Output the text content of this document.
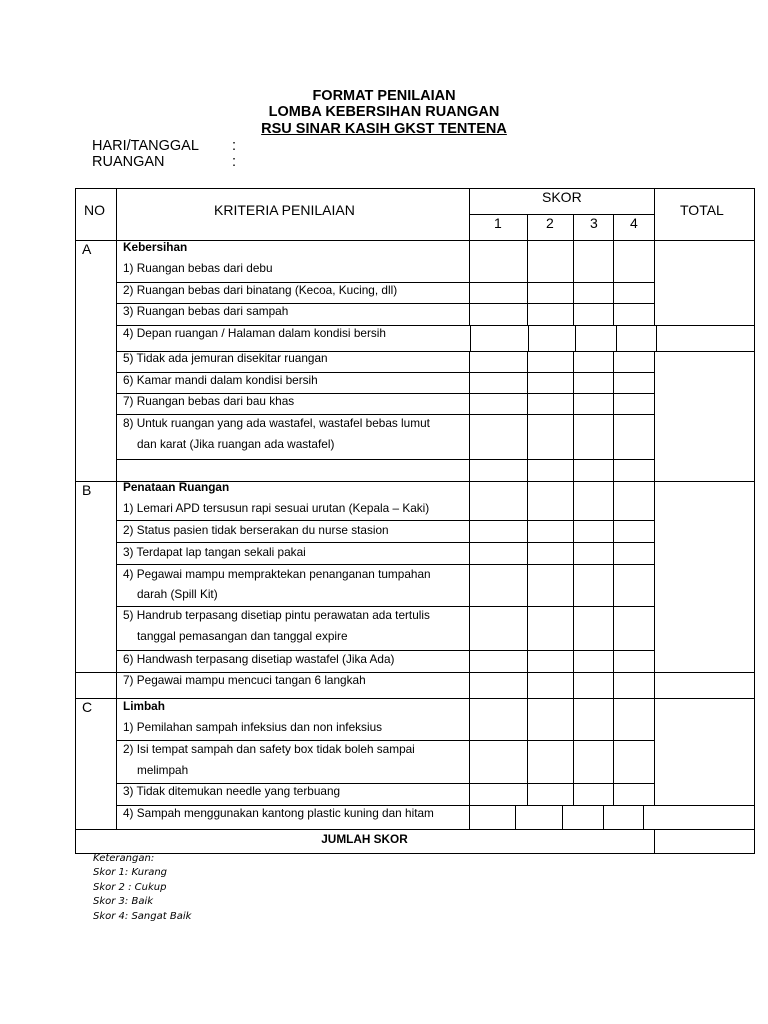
FORMAT PENILAIAN
LOMBA KEBERSIHAN RUANGAN
RSU SINAR KASIH GKST TENTENA
HARI/TANGGAL :
RUANGAN	:
NO	KRITERIA PENILAIAN
SKOR
1	2	3 4
TOTAL
A	Kebersihan
1) Ruangan bebas dari debu
2) Ruangan bebas dari binatang (Kecoa, Kucing, dll)
3) Ruangan bebas dari sampah
4) Depan ruangan / Halaman dalam kondisi bersih
5) Tidak ada jemuran disekitar ruangan
6) Kamar mandi dalam kondisi bersih
7) Ruangan bebas dari bau khas
8) Untuk ruangan yang ada wastafel, wastafel bebas lumut
dan karat (Jika ruangan ada wastafel)
B	Penataan Ruangan
1) Lemari APD tersusun rapi sesuai urutan (Kepala – Kaki)
2) Status pasien tidak berserakan du nurse stasion
3) Terdapat lap tangan sekali pakai
4) Pegawai mampu mempraktekan penanganan tumpahan
darah (Spill Kit)
5) Handrub terpasang disetiap pintu perawatan ada tertulis
tanggal pemasangan dan tanggal expire
6) Handwash terpasang disetiap wastafel (Jika Ada)
7) Pegawai mampu mencuci tangan 6 langkah
C	Limbah
1) Pemilahan sampah infeksius dan non infeksius
2) Isi tempat sampah dan safety box tidak boleh sampai
melimpah
3) Tidak ditemukan needle yang terbuang
4) Sampah menggunakan kantong plastic kuning dan hitam
JUMLAH SKOR
Keterangan:
Skor 1: Kurang
Skor 2 : Cukup
Skor 3: Baik
Skor 4: Sangat Baik
